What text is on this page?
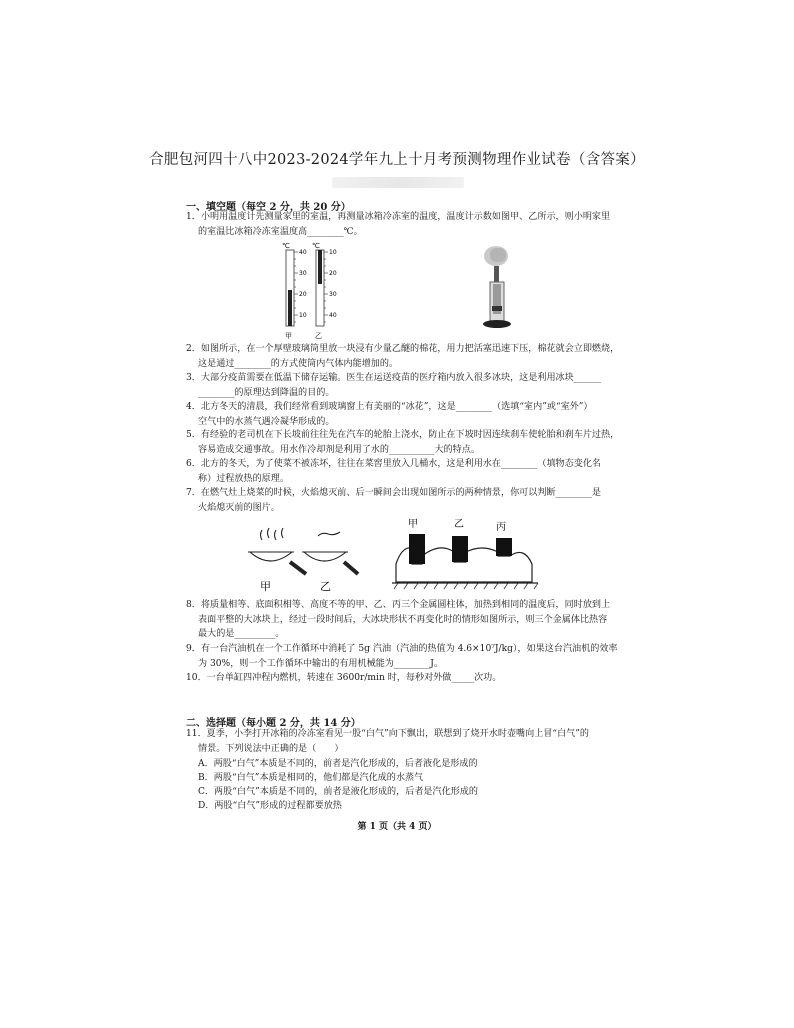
合肥包河四十八中2023-2024学年九上十月考预测物理作业试卷（含答案）
一、填空题（每空 2 分，共 20 分）
1．小明用温度计先测量家里的室温，再测量冰箱冷冻室的温度，温度计示数如图甲、乙所示，则小明家里
的室温比冰箱冷冻室温度高________℃。
℃
40
30
20
10
甲
℃
10
20
30
40
乙
2．如图所示，在一个厚壁玻璃筒里放一块浸有少量乙醚的棉花，用力把活塞迅速下压，棉花就会立即燃烧，
这是通过________的方式使筒内气体内能增加的。
3．大部分疫苗需要在低温下储存运输。医生在运送疫苗的医疗箱内放入很多冰块，这是利用冰块______
________的原理达到降温的目的。
4．北方冬天的清晨，我们经常看到玻璃窗上有美丽的“冰花”，这是________（选填“室内”或“室外”）
空气中的水蒸气遇冷凝华形成的。
5．有经验的老司机在下长坡前往往先在汽车的轮胎上浇水，防止在下坡时因连续刹车使轮胎和刹车片过热，
容易造成交通事故。用水作冷却剂是利用了水的__________大的特点。
6．北方的冬天，为了使菜不被冻坏，往往在菜窖里放入几桶水，这是利用水在________（填物态变化名
称）过程放热的原理。
7．在燃气灶上烧菜的时候，火焰熄灭前、后一瞬间会出现如图所示的两种情景，你可以判断________是
火焰熄灭前的图片。
甲	乙
甲	乙	丙
8．将质量相等、底面积相等、高度不等的甲、乙、丙三个金属圆柱体，加热到相同的温度后，同时放到上
表面平整的大冰块上，经过一段时间后，大冰块形状不再变化时的情形如图所示，则三个金属体比热容
最大的是_________。
9．有一台汽油机在一个工作循环中消耗了 5g 汽油（汽油的热值为 4.6×10⁷J/kg），如果这台汽油机的效率
为 30%，则一个工作循环中输出的有用机械能为________J。
10．一台单缸四冲程内燃机，转速在 3600r/min 时，每秒对外做_____次功。
二、选择题（每小题 2 分，共 14 分）
11．夏季，小李打开冰箱的冷冻室看见一股“白气”向下飘出，联想到了烧开水时壶嘴向上冒“白气”的
情景。下列说法中正确的是（　　）
A．两股“白气”本质是不同的，前者是汽化形成的，后者液化是形成的
B．两股“白气”本质是相同的，他们都是汽化成的水蒸气
C．两股“白气”本质是不同的，前者是液化形成的，后者是汽化形成的
D．两股“白气”形成的过程都要放热
第 1 页（共 4 页）
